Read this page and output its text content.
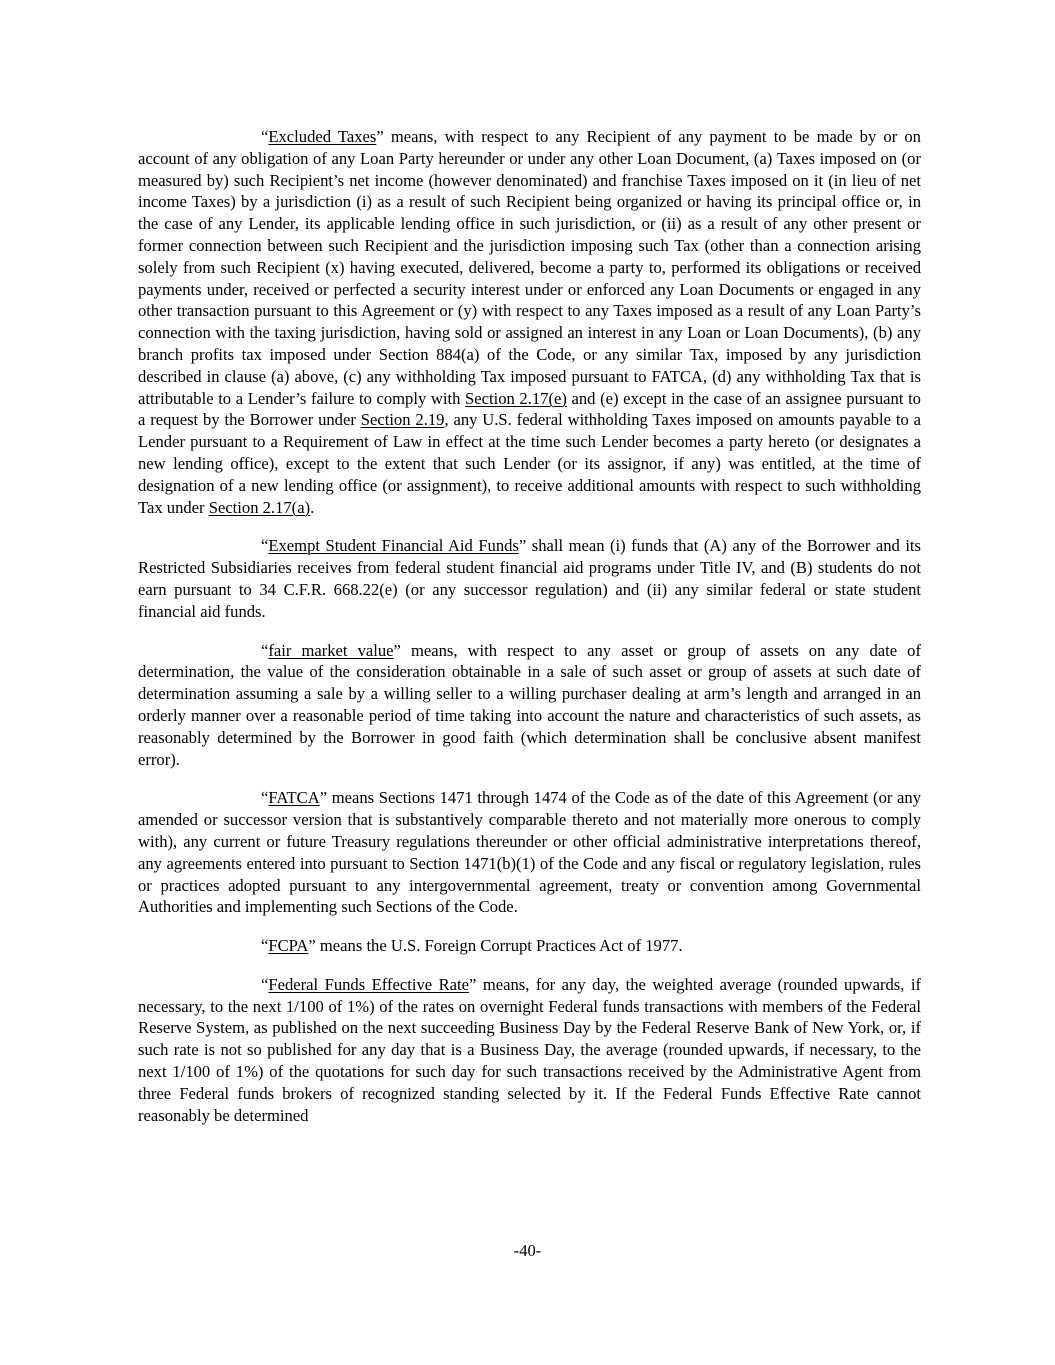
“Excluded Taxes” means, with respect to any Recipient of any payment to be made by or on account of any obligation of any Loan Party hereunder or under any other Loan Document, (a) Taxes imposed on (or measured by) such Recipient’s net income (however denominated) and franchise Taxes imposed on it (in lieu of net income Taxes) by a jurisdiction (i) as a result of such Recipient being organized or having its principal office or, in the case of any Lender, its applicable lending office in such jurisdiction, or (ii) as a result of any other present or former connection between such Recipient and the jurisdiction imposing such Tax (other than a connection arising solely from such Recipient (x) having executed, delivered, become a party to, performed its obligations or received payments under, received or perfected a security interest under or enforced any Loan Documents or engaged in any other transaction pursuant to this Agreement or (y) with respect to any Taxes imposed as a result of any Loan Party’s connection with the taxing jurisdiction, having sold or assigned an interest in any Loan or Loan Documents), (b) any branch profits tax imposed under Section 884(a) of the Code, or any similar Tax, imposed by any jurisdiction described in clause (a) above, (c) any withholding Tax imposed pursuant to FATCA, (d) any withholding Tax that is attributable to a Lender’s failure to comply with Section 2.17(e) and (e) except in the case of an assignee pursuant to a request by the Borrower under Section 2.19, any U.S. federal withholding Taxes imposed on amounts payable to a Lender pursuant to a Requirement of Law in effect at the time such Lender becomes a party hereto (or designates a new lending office), except to the extent that such Lender (or its assignor, if any) was entitled, at the time of designation of a new lending office (or assignment), to receive additional amounts with respect to such withholding Tax under Section 2.17(a).

“Exempt Student Financial Aid Funds” shall mean (i) funds that (A) any of the Borrower and its Restricted Subsidiaries receives from federal student financial aid programs under Title IV, and (B) students do not earn pursuant to 34 C.F.R. 668.22(e) (or any successor regulation) and (ii) any similar federal or state student financial aid funds.

“fair market value” means, with respect to any asset or group of assets on any date of determination, the value of the consideration obtainable in a sale of such asset or group of assets at such date of determination assuming a sale by a willing seller to a willing purchaser dealing at arm’s length and arranged in an orderly manner over a reasonable period of time taking into account the nature and characteristics of such assets, as reasonably determined by the Borrower in good faith (which determination shall be conclusive absent manifest error).

“FATCA” means Sections 1471 through 1474 of the Code as of the date of this Agreement (or any amended or successor version that is substantively comparable thereto and not materially more onerous to comply with), any current or future Treasury regulations thereunder or other official administrative interpretations thereof, any agreements entered into pursuant to Section 1471(b)(1) of the Code and any fiscal or regulatory legislation, rules or practices adopted pursuant to any intergovernmental agreement, treaty or convention among Governmental Authorities and implementing such Sections of the Code.

“FCPA” means the U.S. Foreign Corrupt Practices Act of 1977.

“Federal Funds Effective Rate” means, for any day, the weighted average (rounded upwards, if necessary, to the next 1/100 of 1%) of the rates on overnight Federal funds transactions with members of the Federal Reserve System, as published on the next succeeding Business Day by the Federal Reserve Bank of New York, or, if such rate is not so published for any day that is a Business Day, the average (rounded upwards, if necessary, to the next 1/100 of 1%) of the quotations for such day for such transactions received by the Administrative Agent from three Federal funds brokers of recognized standing selected by it. If the Federal Funds Effective Rate cannot reasonably be determined

-40-
